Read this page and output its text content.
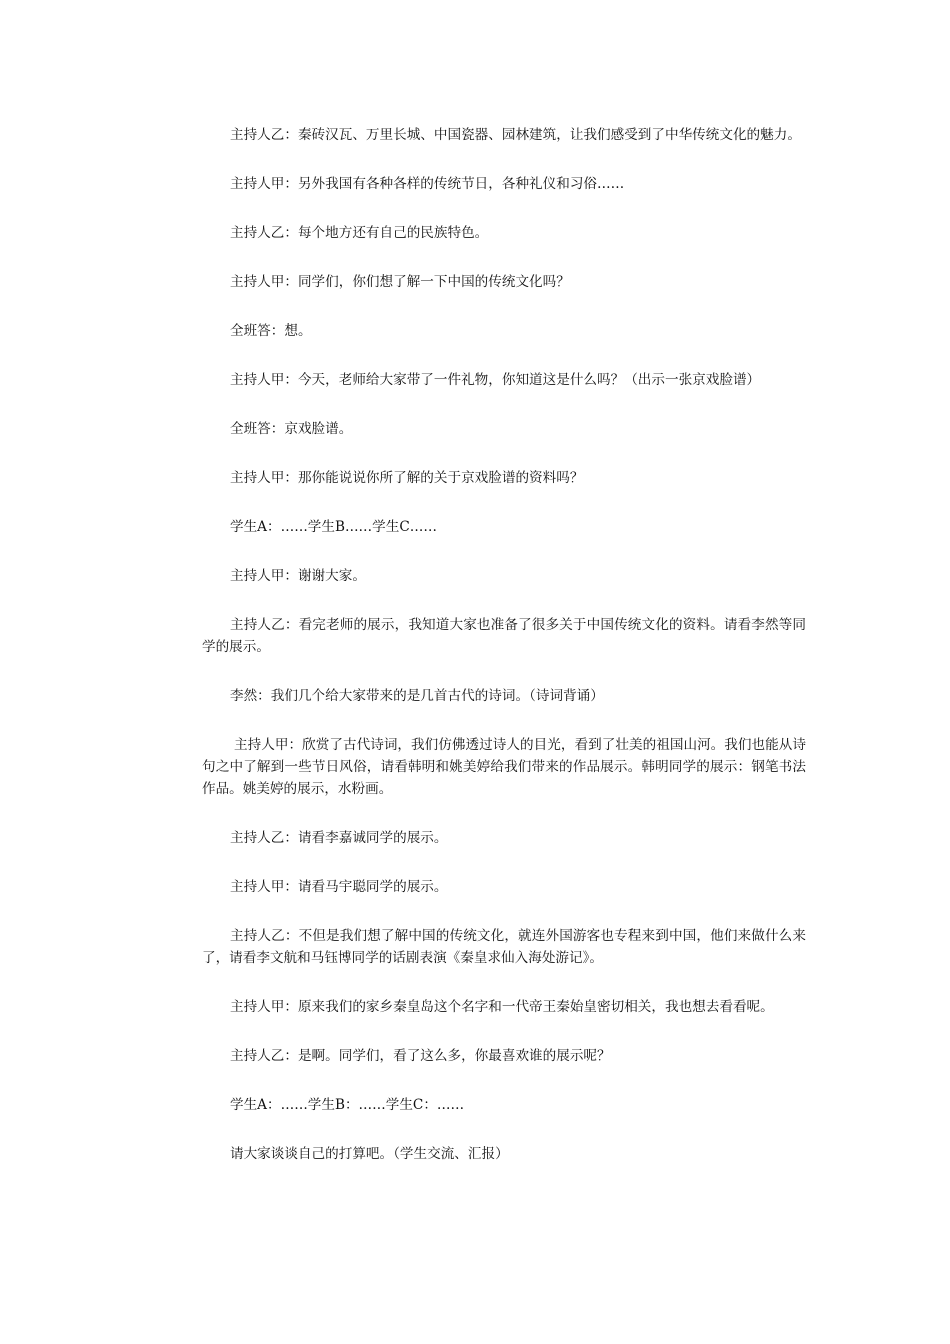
主持人乙：秦砖汉瓦、万里长城、中国瓷器、园林建筑，让我们感受到了中华传统文化的魅力。

主持人甲：另外我国有各种各样的传统节日，各种礼仪和习俗……

主持人乙：每个地方还有自己的民族特色。

主持人甲：同学们，你们想了解一下中国的传统文化吗？

全班答：想。

主持人甲：今天，老师给大家带了一件礼物，你知道这是什么吗？（出示一张京戏脸谱）

全班答：京戏脸谱。

主持人甲：那你能说说你所了解的关于京戏脸谱的资料吗？

学生A：……学生B……学生C……

主持人甲：谢谢大家。

主持人乙：看完老师的展示，我知道大家也准备了很多关于中国传统文化的资料。请看李然等同学的展示。

李然：我们几个给大家带来的是几首古代的诗词。（诗词背诵）

主持人甲：欣赏了古代诗词，我们仿佛透过诗人的目光，看到了壮美的祖国山河。我们也能从诗句之中了解到一些节日风俗，请看韩明和姚美婷给我们带来的作品展示。韩明同学的展示：钢笔书法作品。姚美婷的展示，水粉画。

主持人乙：请看李嘉诚同学的展示。

主持人甲：请看马宇聪同学的展示。

主持人乙：不但是我们想了解中国的传统文化，就连外国游客也专程来到中国，他们来做什么来了，请看李文航和马钰博同学的话剧表演《秦皇求仙入海处游记》。

主持人甲：原来我们的家乡秦皇岛这个名字和一代帝王秦始皇密切相关，我也想去看看呢。

主持人乙：是啊。同学们，看了这么多，你最喜欢谁的展示呢？

学生A：……学生B：……学生C：……

请大家谈谈自己的打算吧。（学生交流、汇报）
